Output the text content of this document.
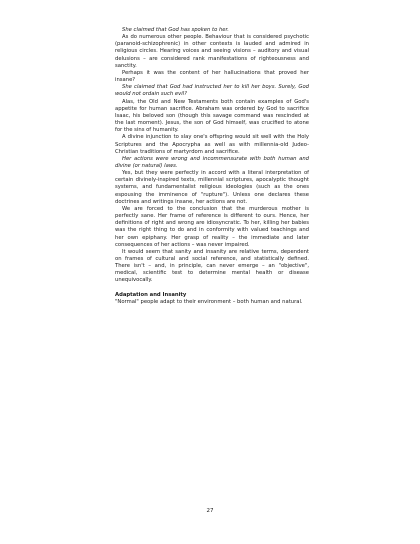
She claimed that God has spoken to her.

As do numerous other people. Behaviour that is considered psychotic (paranoid-schizophrenic) in other contexts is lauded and admired in religious circles. Hearing voices and seeing visions – auditory and visual delusions – are considered rank manifestations of righteousness and sanctity.

Perhaps it was the content of her hallucinations that proved her insane?

She claimed that God had instructed her to kill her boys. Surely, God would not ordain such evil?

Alas, the Old and New Testaments both contain examples of God's appetite for human sacrifice. Abraham was ordered by God to sacrifice Isaac, his beloved son (though this savage command was rescinded at the last moment). Jesus, the son of God himself, was crucified to atone for the sins of humanity.

A divine injunction to slay one's offspring would sit well with the Holy Scriptures and the Apocrypha as well as with millennia-old Judeo-Christian traditions of martyrdom and sacrifice.

Her actions were wrong and incommensurate with both human and divine (or natural) laws.

Yes, but they were perfectly in accord with a literal interpretation of certain divinely-inspired texts, millennial scriptures, apocalyptic thought systems, and fundamentalist religious ideologies (such as the ones espousing the imminence of "rupture"). Unless one declares these doctrines and writings insane, her actions are not.

We are forced to the conclusion that the murderous mother is perfectly sane. Her frame of reference is different to ours. Hence, her definitions of right and wrong are idiosyncratic. To her, killing her babies was the right thing to do and in conformity with valued teachings and her own epiphany. Her grasp of reality – the immediate and later consequences of her actions – was never impaired.

It would seem that sanity and insanity are relative terms, dependent on frames of cultural and social reference, and statistically defined. There isn't – and, in principle, can never emerge – an "objective", medical, scientific test to determine mental health or disease unequivocally.

Adaptation and Insanity

"Normal" people adapt to their environment – both human and natural.

27
